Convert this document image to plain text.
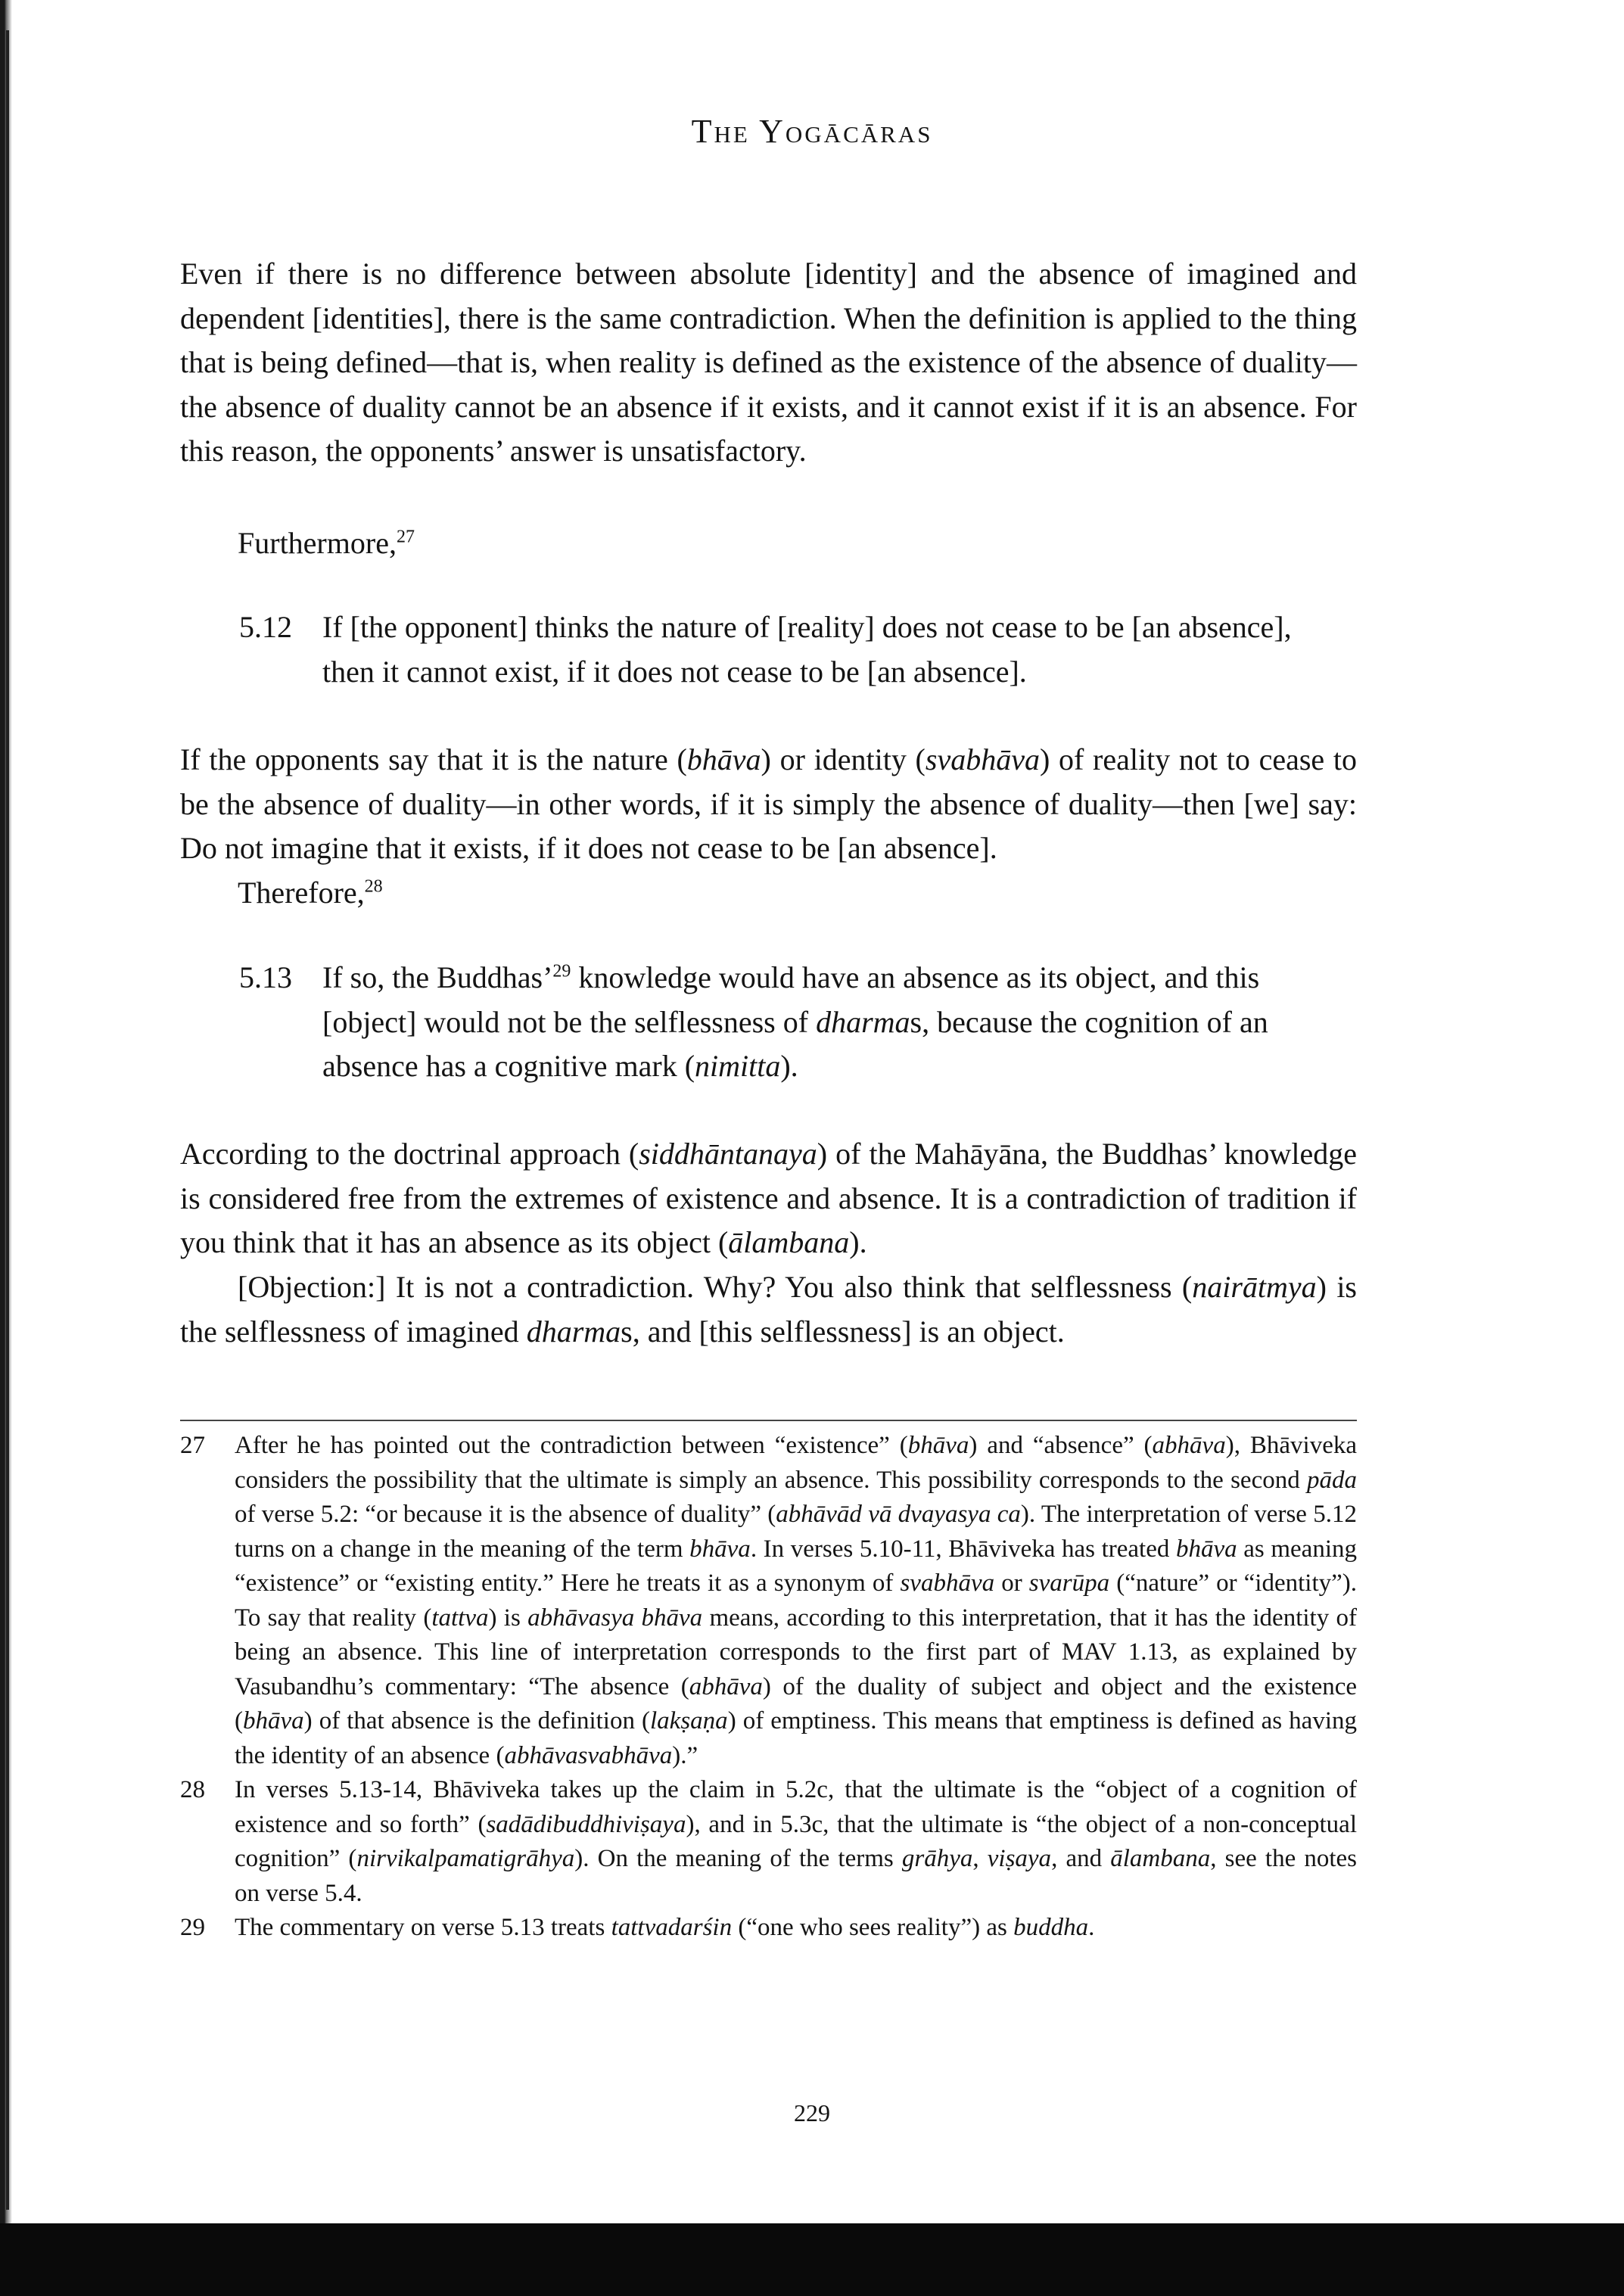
The Yogācāras

Even if there is no difference between absolute [identity] and the absence of imagined and dependent [identities], there is the same contradiction. When the definition is applied to the thing that is being defined—that is, when reality is defined as the existence of the absence of duality—the absence of duality cannot be an absence if it exists, and it cannot exist if it is an absence. For this reason, the opponents’ answer is unsatisfactory.

Furthermore,$^{27}$

5.12	If [the opponent] thinks the nature of [reality] does not cease to be [an absence], then it cannot exist, if it does not cease to be [an absence].

If the opponents say that it is the nature (bhāva) or identity (svabhāva) of reality not to cease to be the absence of duality—in other words, if it is simply the absence of duality—then [we] say: Do not imagine that it exists, if it does not cease to be [an absence].

Therefore,$^{28}$

5.13	If so, the Buddhas’$^{29}$ knowledge would have an absence as its object, and this [object] would not be the selflessness of dharmas, because the cognition of an absence has a cognitive mark (nimitta).

According to the doctrinal approach (siddhāntanaya) of the Mahāyāna, the Buddhas’ knowledge is considered free from the extremes of existence and absence. It is a contradiction of tradition if you think that it has an absence as its object (ālambana).

[Objection:] It is not a contradiction. Why? You also think that selflessness (nairātmya) is the selflessness of imagined dharmas, and [this selflessness] is an object.

27 After he has pointed out the contradiction between “existence” (bhāva) and “absence” (abhāva), Bhāviveka considers the possibility that the ultimate is simply an absence. This possibility corresponds to the second pāda of verse 5.2: “or because it is the absence of duality” (abhāvād vā dvayasya ca). The interpretation of verse 5.12 turns on a change in the meaning of the term bhāva. In verses 5.10-11, Bhāviveka has treated bhāva as meaning “existence” or “existing entity.” Here he treats it as a synonym of svabhāva or svarūpa (“nature” or “identity”). To say that reality (tattva) is abhāvasya bhāva means, according to this interpretation, that it has the identity of being an absence. This line of interpretation corresponds to the first part of MAV 1.13, as explained by Vasubandhu’s commentary: “The absence (abhāva) of the duality of subject and object and the existence (bhāva) of that absence is the definition (lakṣaṇa) of emptiness. This means that emptiness is defined as having the identity of an absence (abhāvasvabhāva).”
28 In verses 5.13-14, Bhāviveka takes up the claim in 5.2c, that the ultimate is the “object of a cognition of existence and so forth” (sadādibuddhiviṣaya), and in 5.3c, that the ultimate is “the object of a non-conceptual cognition” (nirvikalpamatigrāhya). On the meaning of the terms grāhya, viṣaya, and ālambana, see the notes on verse 5.4.
29 The commentary on verse 5.13 treats tattvadarśin (“one who sees reality”) as buddha.
229
